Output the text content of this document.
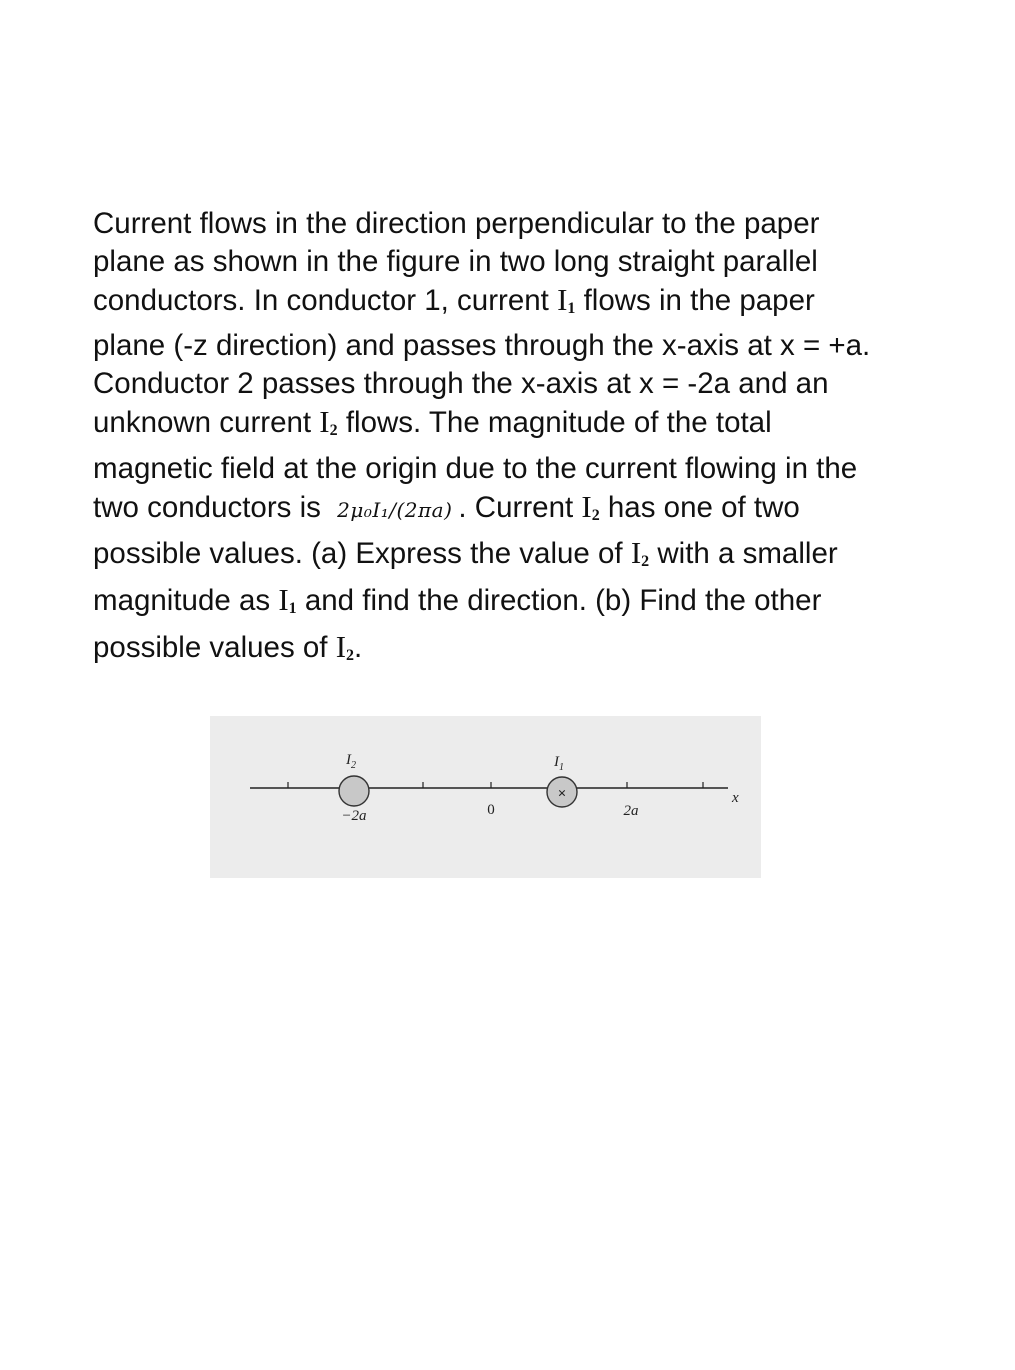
Current flows in the direction perpendicular to the paper
plane as shown in the figure in two long straight parallel
conductors. In conductor 1, current $I_1$ flows in the paper
plane (-z direction) and passes through the x-axis at x = +a.
Conductor 2 passes through the x-axis at x = -2a and an
unknown current $I_2$ flows. The magnitude of the total
magnetic field at the origin due to the current flowing in the
two conductors is 2μ₀I₁/(2πa) . Current $I_2$ has one of two
possible values. (a) Express the value of $I_2$ with a smaller
magnitude as $I_1$ and find the direction. (b) Find the other
possible values of $I_2$.
×
$I_2$	$I_1$
−2a	0	2a
x
